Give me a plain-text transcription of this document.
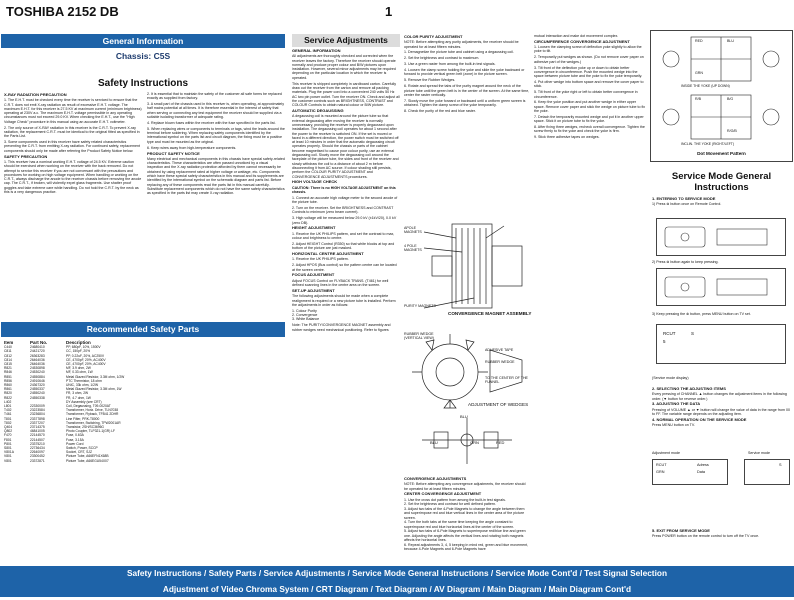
TOSHIBA 2152 DB	1
General Information
Chassis: C5S
Safety Instructions
X-RAY RADIATION PRECAUTION

1. The E.H.T. must be checked every time the receiver is serviced to ensure that the C.R.T. does not emit X-ray radiation as result of excessive E.H.T. voltage. The maximum E.H.T. for this receiver is 27.5 KV at maximum current (minimum brightness) operating at 230V a.c. The maximum E.H.T. voltage permissible in any operating circumstances must not exceed 29.0 KV. When checking the E.H.T., use the "High Voltage Check" procedure in this manual using an accurate E.H.T. voltmeter.

2. The only source of X-RAY radiation in this receiver is the C.R.T. To prevent X-ray radiation, the replacement C.R.T. must be identical to the original fitted as specified in the Parts List.

3. Some components used in this receiver have safety related characteristics preventing the C.R.T. from emitting X-ray radiation. For continued safety, replacement components should only be made after referring the Product Safety Notice below.

SAFETY PRECAUTION

1. This receiver has a nominal working E.H.T. voltage of 24.5 KV. Extreme caution should be exercised when working on the receiver with the back removed. Do not attempt to service this receiver if you are not conversant with the precautions and procedures for working on high voltage equipment. When handling or working on the C.R.T., always discharge the anode to the receiver chassis before removing the anode cap. The C.R.T., if broken, will violently expel glass fragments. Use shatter proof goggles and take extreme care while handling. Do not hold the C.R.T. by the neck as this is a very dangerous practice.

2. It is essential that to maintain the safety of the customer all safe forms be replaced exactly as supplied from factory.

3. A small part of the chassis used in this receiver is, when operating, at approximately half mains potential at all times. It is therefore essential in the interest of safety that when serving or connecting any test equipment the receiver should be supplied via a suitable isolating transformer of adequate rating.

4. Replace blown fuses within the receiver with the fuse specified in the parts list.

5. When replacing wires or components to terminals or tags, wind the leads around the terminal before soldering. When replacing safety components identified by the international symbol on the parts list and circuit diagram, the fixing must be a positive type and must be mounted as the original.

6. Keep wires away from high-temperature components.

PRODUCT SAFETY NOTICE

Many electrical and mechanical components in this chassis have special safety-related characteristics. These characteristics are often passed unnoticed by a visual inspection and the X-ray radiation protection afforded by them cannot necessarily be obtained by using replacement rated at higher voltage or wattage, etc. Components which have these special safety characteristics in this manual and its supplements are identified by the international symbol on the schematic diagram and parts list. Before replacing any of these components read the parts list in this manual carefully. Substitute replacement components which do not have the same safety characteristics as specified in the parts list may create X-ray radiation.

Recommended Safety Parts
Item	Part No.	Description
C440	24680410	PP, 680pF, 10%, 1500V
C811	24421720	CC, 150pF, 20%
C812	26363283	PP, 0.22uF, 20%, AC250V
C814	26464036	CE, 4700pF, 20%, AC400V
C815	26464036	CE, 4700pF, 20%, AC400V
R821	24530898	MF, 3.9 ohm, 2W
R846	24530240	MF, 0.33 ohm, 1W
R851	24550884	Metal Glazed Resistor, 3.3M ohm, 1/2W
R856	24910646	PTC Thermistor, 18 ohm
R860	24367320	UNIC, 33k ohm, 1/2W
R861	24550337	Metal Glazed Resistor, 3.3M ohm, 1W
R820	24550240	FR, 3 ohm, 2W
R822	24550338	FR, 4.7 ohm, 1W
L402		DY Assembly (see CRT)
L801	22330009	Coil, Degaussing, T09-0020AT
T402	23223584	Transformer, Horiz. Drive, TLN7038
T461	23236804	Transformer, Flyback, TFB41 2DHR
T801	23377898	Line Filter, PRK-T8000
T802	23377207	Transformer, Switching, TPW2001AR
Q404	23714375	Transistor, 2SH/SC3696G
Q802	46841005	Photo Coupler, TLP321-1(GR) LF
F470	22144570	Fuse, 0.63A
F801	22144507	Fuse, 3.15A
P801	23375210	Power Cord
S801	22736434	Switch, Power, SCCP
V801A	22640097	Socket, CRT, SJZ
V801	23300452	Picture Tube, A66EFN1X68B
V801	23372871	Picture Tube, A66EGU54X07
Service Adjustments
GENERAL INFORMATION

All adjustments are thoroughly checked and corrected when the receiver leaves the factory. Therefore the receiver should operate normally and produce proper colour and B/W pictures upon installation. However, several minor adjustments may be required depending on the particular location in which the receiver is operated.

This receiver is shipped completely in cardboard carton. Carefully draw out the receiver from the carton and remove all packing materials. Plug the power cord into a convenient 240 volts 50 Hz AC two pin power outlet. Turn the receiver ON. Check and adjust all the customer controls such as BRIGHTNESS, CONTRAST and COLOUR Controls to obtain natural colour or B/W picture.

AUTOMATIC DEGAUSSING

A degaussing coil is mounted around the picture tube so that external degaussing after moving the receiver is normally unnecessary, providing the receiver is properly degaussed upon installation. The degaussing coil operates for about 1 second after the power to the receiver is switched ON. If the set is moved or faced in a different direction, the power switch must be switched off at least 10 minutes in order that the automatic degaussing circuit operates properly. Should the chassis or parts of the cabinet become magnetised to cause poor colour purity, use an external degaussing coil. Slowly move the degaussing coil around the faceplate of the picture tube, the sides and front of the receiver and slowly withdraw the coil to a distance of about 2 m before disconnecting it from AC source. If colour shading still persists, perform the COLOUR PURITY ADJUSTMENT and CONVERGENCE ADJUSTMENTS procedures.

HIGH VOLTAGE CHECK

CAUTION: There is no HIGH VOLTAGE ADJUSTMENT on this chassis.

1. Connect an accurate high voltage meter to the second anode of the picture tube.

2. Turn on the receiver. Set the BRIGHTNESS and CONTRAST Controls to minimum (zero beam current).

3. High voltage will be measured below 29.0 kV (±1kV/20), 0.0 kV (zero DB).

HEIGHT ADJUSTMENT

1. Receive the UK PHILIPS pattern, and set the contrast to max, colour and brightness to centre.

2. Adjust HEIGHT Control (R350) so that white blocks at top and bottom of the picture are just masked.

HORIZONTAL CENTRE ADJUSTMENT

1. Receive the UK PHILIPS pattern.

2. Adjust HPOS (Bus control) so the pattern centre can be located at the screen centre.

FOCUS ADJUSTMENT

Adjust FOCUS Control on FLYBACK TRANS. (T461) for well defined scanning lines in the centre area on the screen.

SET-UP ADJUSTMENT

The following adjustments should be made when a complete realignment is required or a new picture tube is installed. Perform the adjustments in order as follows:

1. Colour Purity

2. Convergence

3. White Balance

Note: The PURITY/CONVERGENCE MAGNET assembly and rubber wedges need mechanical positioning. Refer to figures

COLOR PURITY ADJUSTMENT

NOTE: Before attempting any purity adjustments, the receiver should be operated for at least fifteen minutes.

1. Demagnetize the picture tube and cabinet using a degaussing coil.

2. Set the brightness and contrast to maximum.

3. Use a green raster from among the built-in test signals.

4. Loosen the clamp screw holding the yoke and slide the yoke backward or forward to provide vertical green belt (zone) in the picture screen.

5. Remove the Rubber Wedges.

6. Rotate and spread the tabs of the purity magnet around the neck of the picture tube until the green belt is in the center of the screen. At the same time, center the raster vertically.

7. Slowly move the yoke forward or backward until a uniform green screen is obtained. Tighten the clamp screw of the yoke temporarily.

8. Check the purity of the red and blue raster.

APOLE MAGNETS
4 POLE MAGNETS
PURITY MAGNETS
CONVERGENCE MAGNET ASSEMBLY
RUBBER WEDGE (VERTICAL VIEW)
ADHESIVE TAPE
RUBBER WEDGE
TO THE CENTER OF THE FUNNEL
ADJUSTMENT OF WEDGES
BLU
BLU	GRN	RED
CONVERGENCE ADJUSTMENTS

NOTE: Before attempting any convergence adjustments, the receiver should be operated for at least fifteen minutes.

CENTER CONVERGENCE ADJUSTMENT

1. Use the cross dot pattern from among the built-in test signals.

2. Set the brightness and contrast for well defined pattern.

3. Adjust two tabs of the 4-Pole Magnets to change the angle between them and superimpose red and blue vertical lines in the center area of the picture screen.

4. Turn the both tabs at the same time keeping the angle constant to superimpose red and blue horizontal lines at the center of the screen.

5. Adjust two tabs of 6-Pole Magnets to superimpose red/blue line and green one. Adjusting the angle affects the vertical lines and rotating both magnets affects the horizontal lines.

6. Repeat adjustments 3, 4, 5 keeping in mind red, green and blue movement, because 4-Pole Magnets and 6-Pole Magnets have

mutual interaction and make dot movement complex.

CIRCUMFERENCE CONVERGENCE ADJUSTMENT

1. Loosen the clamping screw of deflection yoke slightly to allow the yoke to tilt.

2. Temporarily put wedges as shown. (Do not remove cover paper on adhesive part of the wedges.)

3. Tilt front of the deflection yoke up or down to obtain better convergence in circumference. Push the mounted wedge into the space between picture tube and the yoke to fix the yoke temporarily.

4. Put other wedge into bottom space and remove the cover paper to stick.

5. Tilt front of the yoke right or left to obtain better convergence in circumference.

6. Keep the yoke position and put another wedge in either upper space. Remove cover paper and stick the wedge on picture tube to fix the yoke.

7. Detach the temporarily mounted wedge and put it in another upper space. Stick it on picture tube to fix the yoke.

8. After fixing three wedges, recheck overall convergence. Tighten the screw firmly to fix the yoke and check the yoke is firm.

9. Stick three adhesive tapes on wedges.

BLU
RED
GRN
B/G
R/B
R/G/B
INSIDE THE YOKE (UP DOWN)
INCLIN. THE YOKE (RIGHT/LEFT)
Dot Movement Pattern
Service Mode General Instructions
1. ENTERING TO SERVICE MODE

1) Press ⊗ button once on Remote Control.

2) Press ⊗ button again to keep pressing.
3) Keep pressing the ⊗ button, press MENU button on TV set.
RCUT	S
5
(Service mode display)
2. SELECTING THE ADJUSTING ITEMS

Every pressing of CHANNEL ▲ button changes the adjustment items in the following order. (▼ button for reverse order.)

3. ADJUSTING THE DATA

Pressing of VOLUME ▲ or ▼ button will change the value of data in the range from 00 to FF. The variable range depends on the adjusting item.

4. NORMAL OPERATION ON THE SERVICE MODE

Press MENU button on TV.

Adjustment mode	Service mode
RCUT	Adress
Data
GRN
S
5. EXIT FROM SERVICE MODE

Press POWER button on the remote control to turn off the TV once.

Safety Instructions / Safety Parts / Service Adjustments / Service Mode General Instructions / Service Mode Cont'd / Test Signal Selection
Adjustment of Video Chroma System / CRT Diagram / Text Diagram / AV Diagram / Main Diagram / Main Diagram Cont'd
